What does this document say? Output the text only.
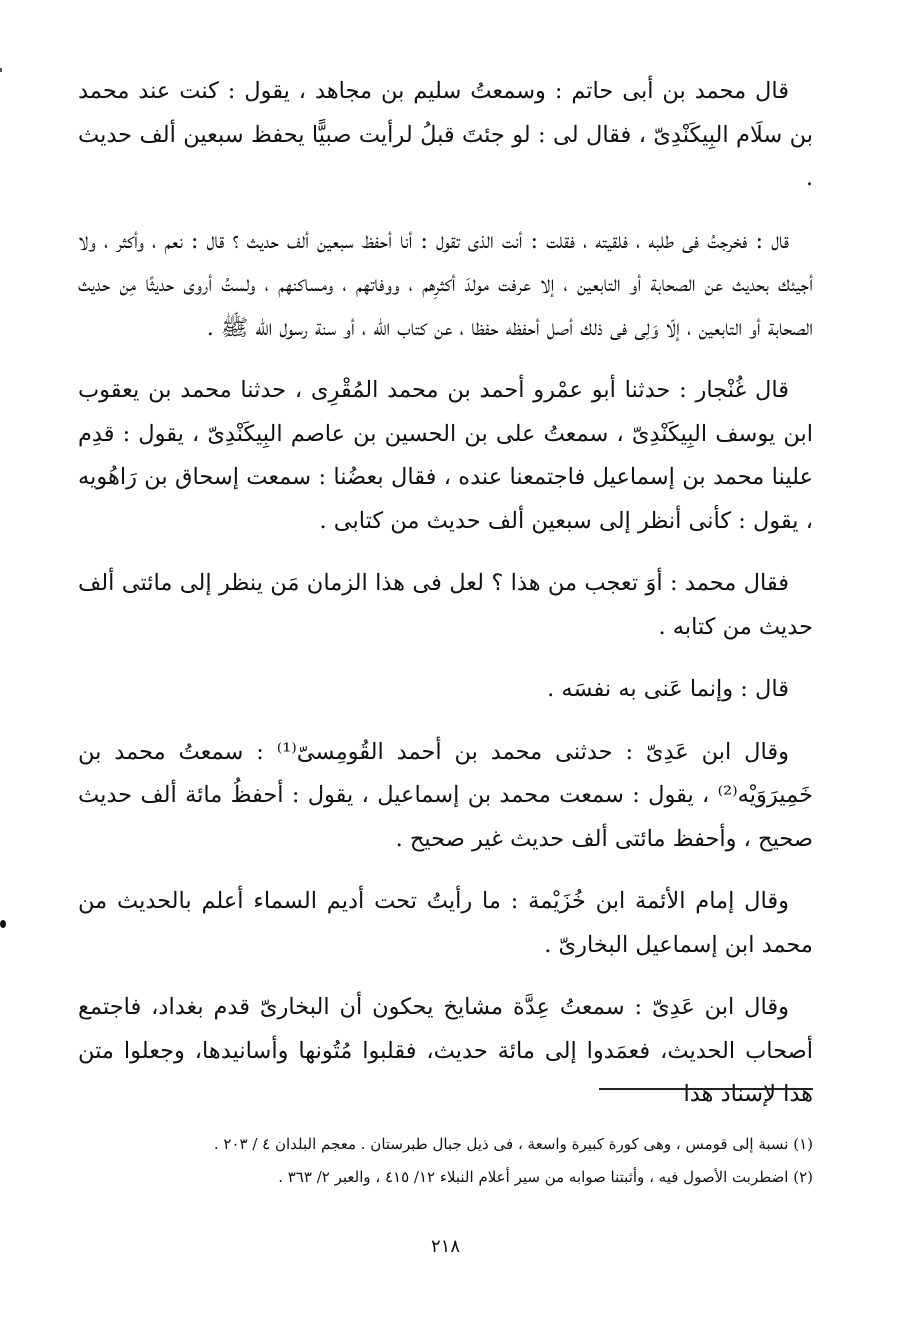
قال محمد بن أبى حاتم : وسمعتُ سليم بن مجاهد ، يقول : كنت عند محمد بن سلَام البِيكَنْدِىّ ، فقال لى : لو جئتَ قبلُ لرأيت صبيًّا يحفظ سبعين ألف حديث .

قال : فخرجتُ فى طلبه ، فلقيته ، فقلت : أنت الذى تقول : أنا أحفظ سبعين ألف حديث ؟ قال : نعم ، وأكثر ، ولا أجيئك بحديث عن الصحابة أو التابعين ، إلا عرفت مولدَ أكثرِهم ، ووفاتهم ، ومساكنهم ، ولستُ أروى حديثًا مِن حديث الصحابة أو التابعين ، إلّا وَلِى فى ذلك أصل أحفظه حفظا ، عن كتاب الله ، أو سنة رسول الله ﷺ .

قال غُنْجار : حدثنا أبو عمْرو أحمد بن محمد المُقْرِى ، حدثنا محمد بن يعقوب ابن يوسف البِيكَنْدِىّ ، سمعتُ على بن الحسين بن عاصم البِيكَنْدِىّ ، يقول : قدِم علينا محمد بن إسماعيل فاجتمعنا عنده ، فقال بعضُنا : سمعت إسحاق بن رَاهُويه ، يقول : كأنى أنظر إلى سبعين ألف حديث من كتابى .

فقال محمد : أوَ تعجب من هذا ؟ لعل فى هذا الزمان مَن ينظر إلى مائتى ألف حديث من كتابه .

قال : وإنما عَنى به نفسَه .

وقال ابن عَدِىّ : حدثنى محمد بن أحمد القُومِسىّ⁽¹⁾ : سمعتُ محمد بن خَمِيرَوَيْه⁽²⁾ ، يقول : سمعت محمد بن إسماعيل ، يقول : أحفظُ مائة ألف حديث صحيح ، وأحفظ مائتى ألف حديث غير صحيح .

وقال إمام الأئمة ابن خُزَيْمة : ما رأيتُ تحت أديم السماء أعلم بالحديث من محمد ابن إسماعيل البخارىّ .

وقال ابن عَدِىّ : سمعتُ عِدَّة مشايخ يحكون أن البخارىّ قدم بغداد، فاجتمع أصحاب الحديث، فعمَدوا إلى مائة حديث، فقلبوا مُتُونها وأسانيدها، وجعلوا متن هذا لإسناد هذا

(١) نسبة إلى قومس ، وهى كورة كبيرة واسعة ، فى ذيل جبال طبرستان . معجم البلدان ٤ / ٢٠٣ .

(٢) اضطربت الأصول فيه ، وأثبتنا صوابه من سير أعلام النبلاء ١٢/ ٤١٥ ، والعبر ٢/ ٣٦٣ .

٢١٨
